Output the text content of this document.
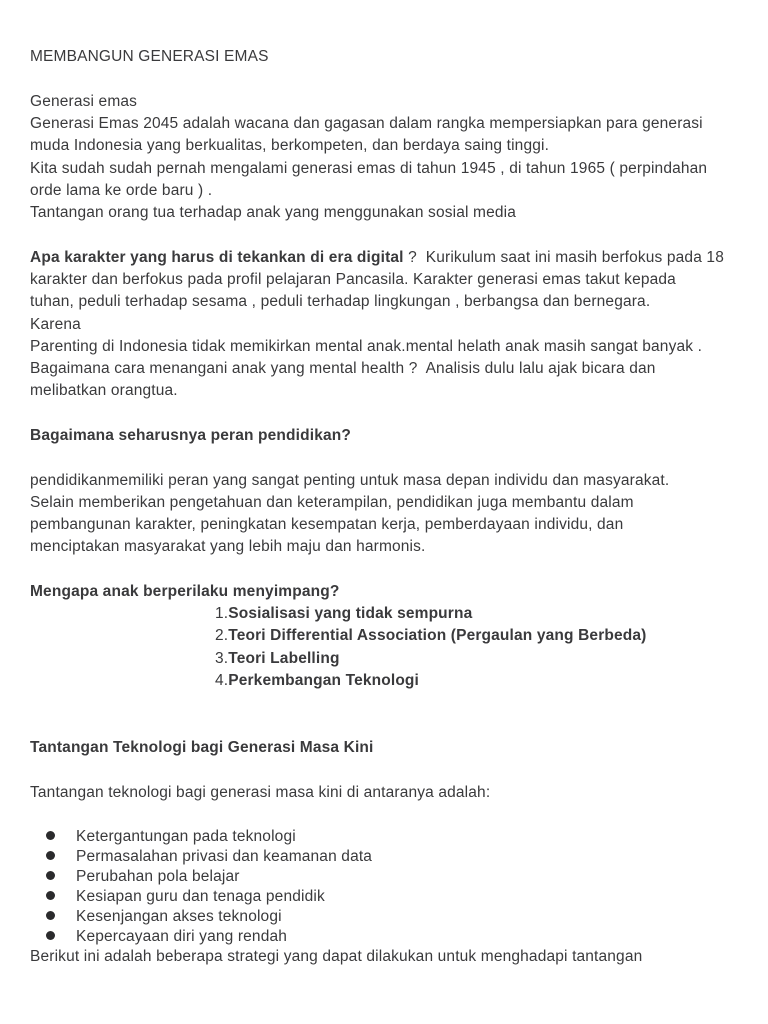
MEMBANGUN GENERASI EMAS
Generasi emas
Generasi Emas 2045 adalah wacana dan gagasan dalam rangka mempersiapkan para generasi
muda Indonesia yang berkualitas, berkompeten, dan berdaya saing tinggi.
Kita sudah sudah pernah mengalami generasi emas di tahun 1945 , di tahun 1965 ( perpindahan
orde lama ke orde baru ) .
Tantangan orang tua terhadap anak yang menggunakan sosial media
Apa karakter yang harus di tekankan di era digital ?  Kurikulum saat ini masih berfokus pada 18
karakter dan berfokus pada profil pelajaran Pancasila. Karakter generasi emas takut kepada
tuhan, peduli terhadap sesama , peduli terhadap lingkungan , berbangsa dan bernegara.
Karena
Parenting di Indonesia tidak memikirkan mental anak.mental helath anak masih sangat banyak .
Bagaimana cara menangani anak yang mental health ?  Analisis dulu lalu ajak bicara dan
melibatkan orangtua.
Bagaimana seharusnya peran pendidikan?
pendidikanmemiliki peran yang sangat penting untuk masa depan individu dan masyarakat.
Selain memberikan pengetahuan dan keterampilan, pendidikan juga membantu dalam
pembangunan karakter, peningkatan kesempatan kerja, pemberdayaan individu, dan
menciptakan masyarakat yang lebih maju dan harmonis.
Mengapa anak berperilaku menyimpang?
1.Sosialisasi yang tidak sempurna
2.Teori Differential Association (Pergaulan yang Berbeda)
3.Teori Labelling
4.Perkembangan Teknologi
Tantangan Teknologi bagi Generasi Masa Kini
Tantangan teknologi bagi generasi masa kini di antaranya adalah:
Ketergantungan pada teknologi
Permasalahan privasi dan keamanan data
Perubahan pola belajar
Kesiapan guru dan tenaga pendidik
Kesenjangan akses teknologi
Kepercayaan diri yang rendah
Berikut ini adalah beberapa strategi yang dapat dilakukan untuk menghadapi tantangan
